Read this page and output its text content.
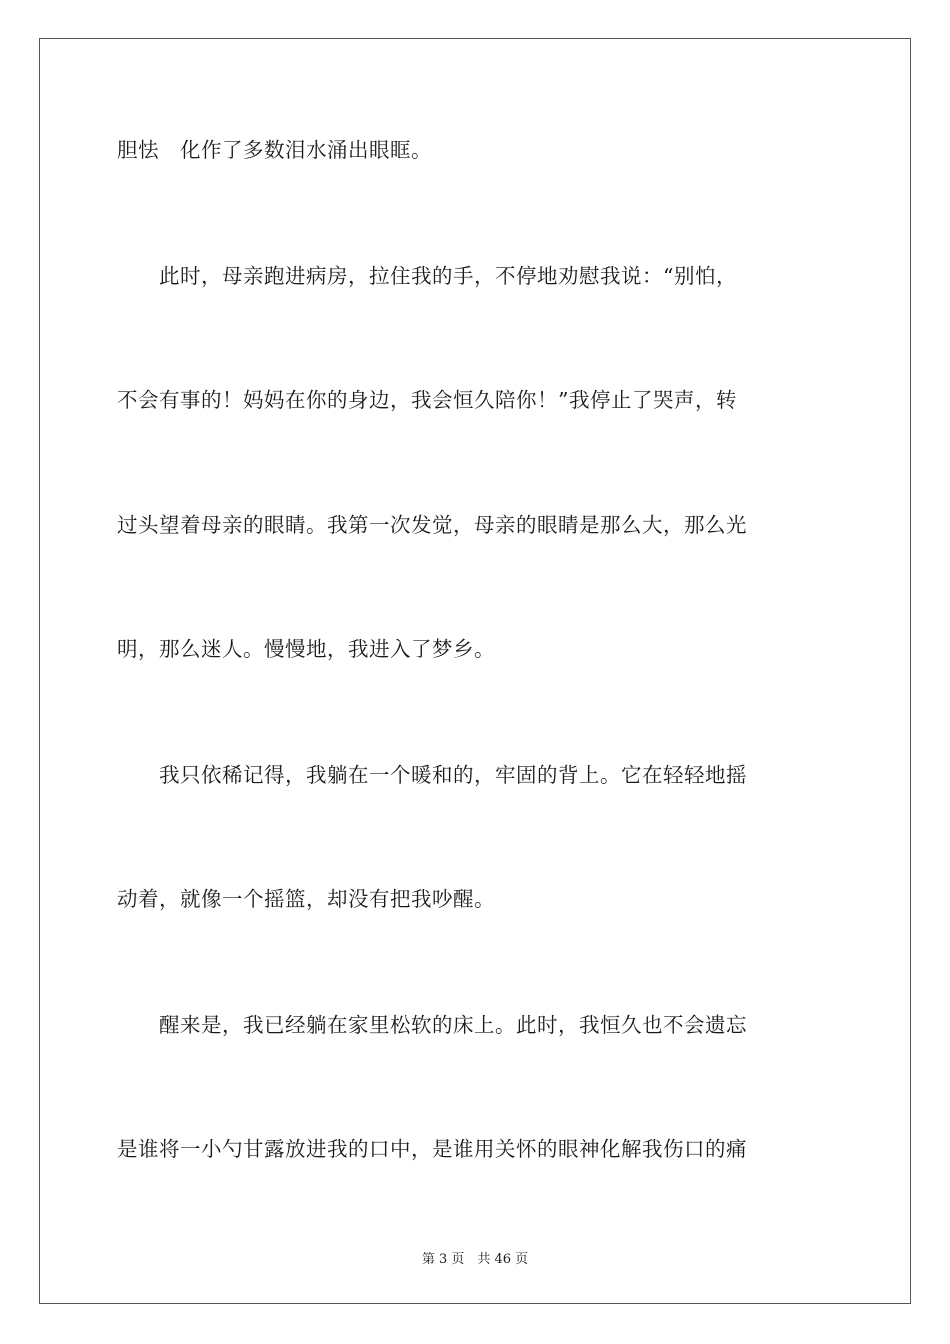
胆怯　化作了多数泪水涌出眼眶。
　　此时，母亲跑进病房，拉住我的手，不停地劝慰我说：“别怕，
不会有事的！妈妈在你的身边，我会恒久陪你！”我停止了哭声，转
过头望着母亲的眼睛。我第一次发觉，母亲的眼睛是那么大，那么光
明，那么迷人。慢慢地，我进入了梦乡。
　　我只依稀记得，我躺在一个暖和的，牢固的背上。它在轻轻地摇
动着，就像一个摇篮，却没有把我吵醒。
　　醒来是，我已经躺在家里松软的床上。此时，我恒久也不会遗忘
是谁将一小勺甘露放进我的口中，是谁用关怀的眼神化解我伤口的痛
第 3 页　共 46 页
